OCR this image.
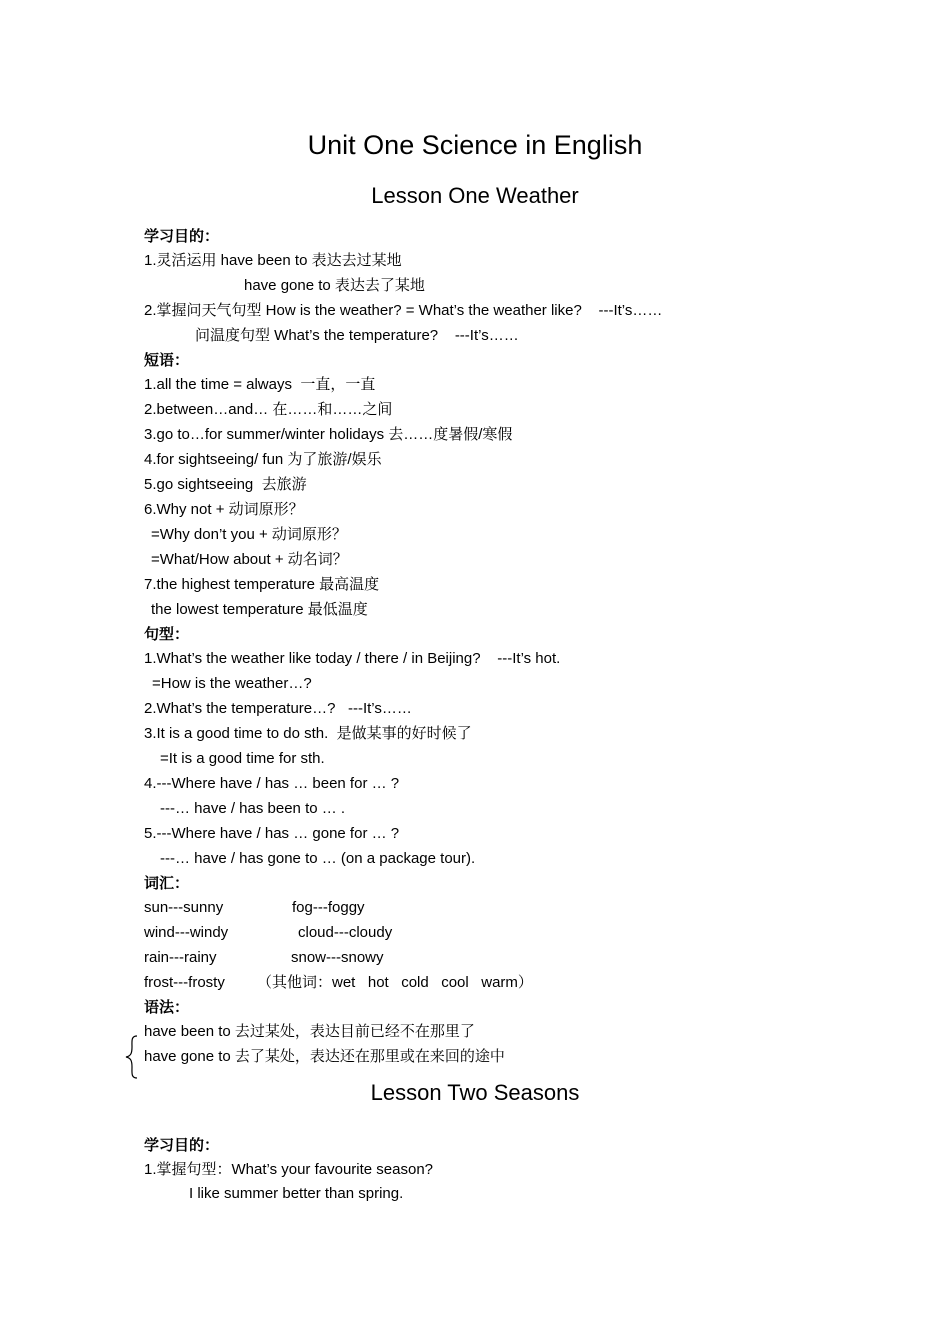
Unit One Science in English
Lesson One Weather
学习目的：
1.灵活运用 have been to 表达去过某地
have gone to 表达去了某地
2.掌握问天气句型 How is the weather? = What’s the weather like?    ---It’s……
问温度句型 What’s the temperature?    ---It’s……
短语：
1.all the time = always  一直，一直
2.between…and… 在……和……之间
3.go to…for summer/winter holidays 去……度暑假/寒假
4.for sightseeing/ fun 为了旅游/娱乐
5.go sightseeing  去旅游
6.Why not + 动词原形？
=Why don’t you + 动词原形？
=What/How about + 动名词？
7.the highest temperature 最高温度
the lowest temperature 最低温度
句型：
1.What’s the weather like today / there / in Beijing?    ---It’s hot.
=How is the weather…?
2.What’s the temperature…?   ---It’s……
3.It is a good time to do sth.  是做某事的好时候了
=It is a good time for sth.
4.---Where have / has … been for … ?
---… have / has been to … .
5.---Where have / has … gone for … ?
---… have / has gone to … (on a package tour).
词汇：
sun---sunny	fog---foggy
wind---windy	cloud---cloudy
rain---rainy	snow---snowy
frost---frosty （其他词：wet   hot   cold   cool   warm）
语法：
have been to 去过某处，表达目前已经不在那里了
have gone to 去了某处，表达还在那里或在来回的途中
Lesson Two Seasons
学习目的：
1.掌握句型：What’s your favourite season?
I like summer better than spring.
